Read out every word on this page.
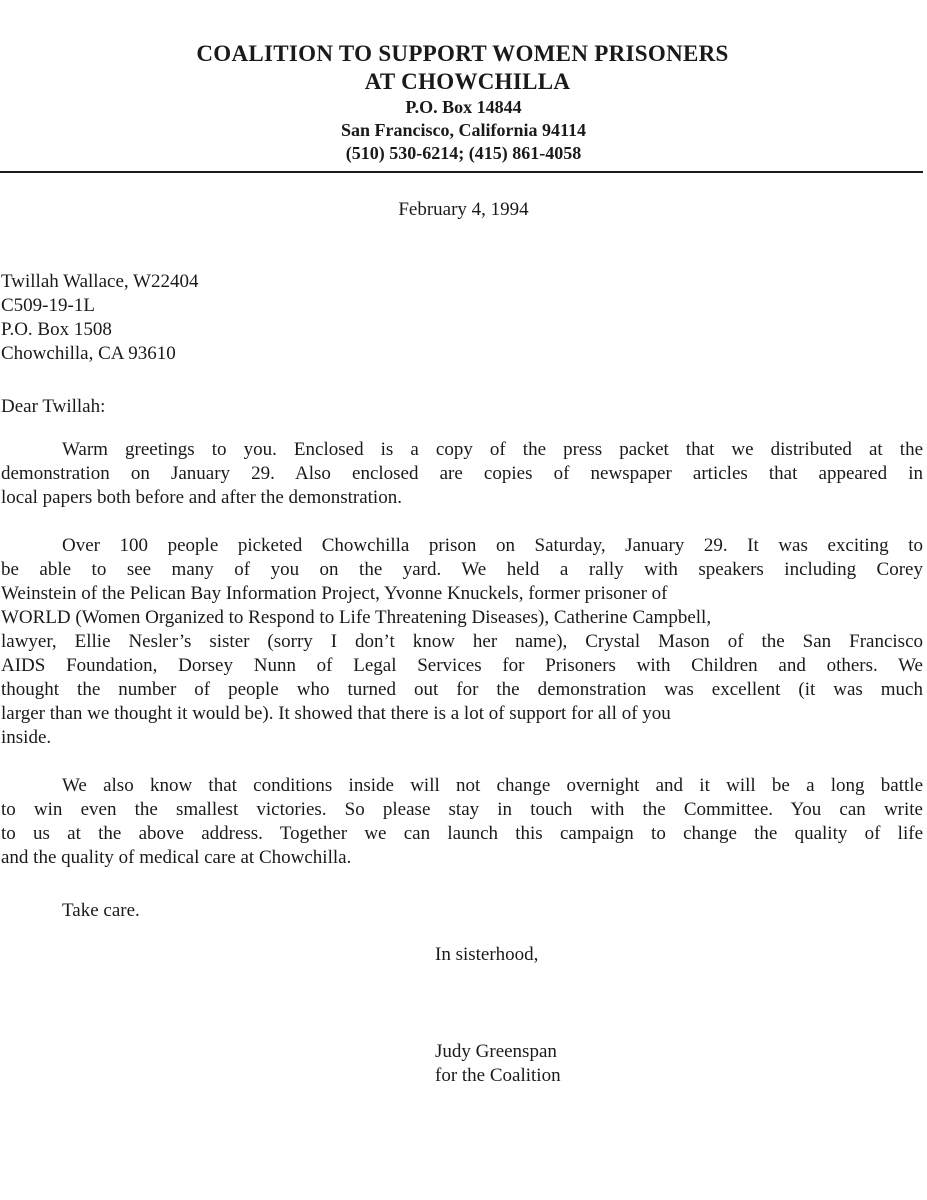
COALITION TO SUPPORT WOMEN PRISONERS
AT CHOWCHILLA
P.O. Box 14844
San Francisco, California 94114
(510) 530-6214; (415) 861-4058
February 4, 1994
Twillah Wallace, W22404
C509-19-1L
P.O. Box 1508
Chowchilla, CA 93610
Dear Twillah:
Warm greetings to you. Enclosed is a copy of the press packet that we distributed at the
demonstration on January 29. Also enclosed are copies of newspaper articles that appeared in
local papers both before and after the demonstration.
Over 100 people picketed Chowchilla prison on Saturday, January 29. It was exciting to
be able to see many of you on the yard. We held a rally with speakers including Corey
Weinstein of the Pelican Bay Information Project, Yvonne Knuckels, former prisoner of
WORLD (Women Organized to Respond to Life Threatening Diseases), Catherine Campbell,
lawyer, Ellie Nesler’s sister (sorry I don’t know her name), Crystal Mason of the San Francisco
AIDS Foundation, Dorsey Nunn of Legal Services for Prisoners with Children and others. We
thought the number of people who turned out for the demonstration was excellent (it was much
larger than we thought it would be). It showed that there is a lot of support for all of you
inside.
We also know that conditions inside will not change overnight and it will be a long battle
to win even the smallest victories. So please stay in touch with the Committee. You can write
to us at the above address. Together we can launch this campaign to change the quality of life
and the quality of medical care at Chowchilla.
Take care.
In sisterhood,
Judy Greenspan
for the Coalition
